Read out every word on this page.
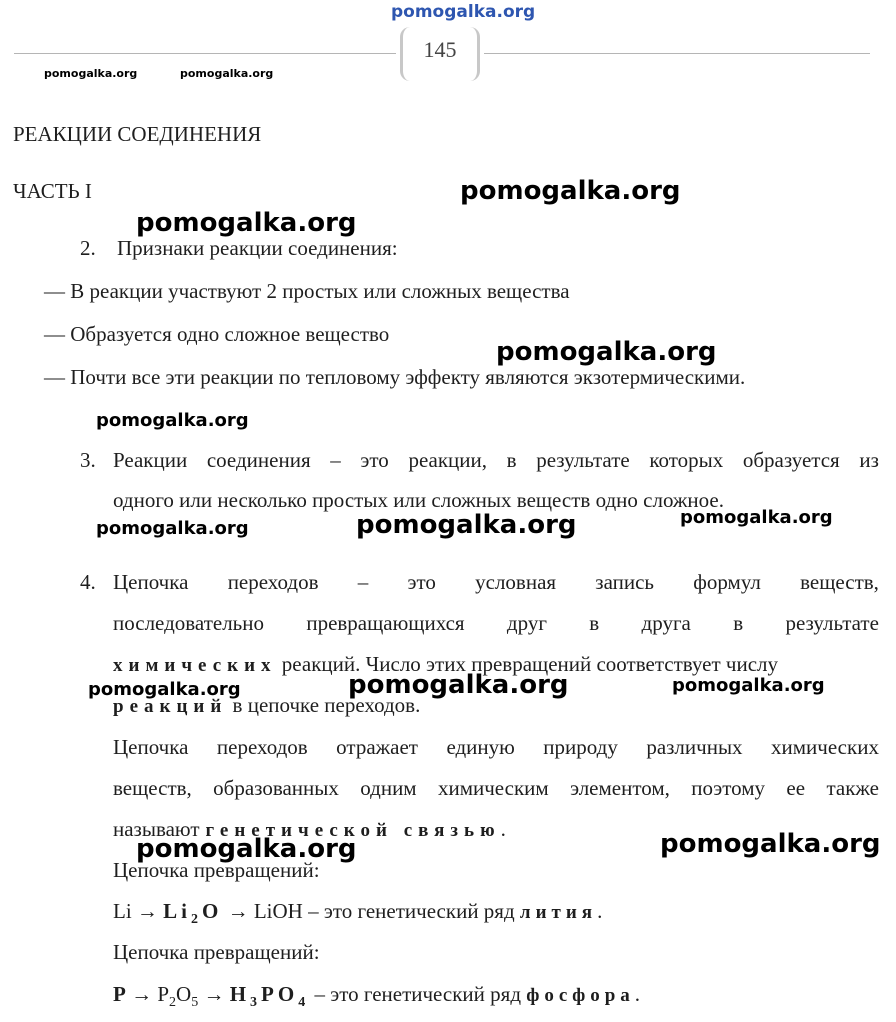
pomogalka.org
145
pomogalka.org	pomogalka.org
РЕАКЦИИ СОЕДИНЕНИЯ
ЧАСТЬ I
2. Признаки реакции соединения:
— В реакции участвуют 2 простых или сложных вещества
— Образуется одно сложное вещество
— Почти все эти реакции по тепловому эффекту являются экзотермическими.
3. Реакции соединения – это реакции, в результате которых образуется из
одного или несколько простых или сложных веществ одно сложное.
4. Цепочка переходов – это условная запись формул веществ,
последовательно превращающихся друг в друга в результате
химических реакций. Число этих превращений соответствует числу
реакций в цепочке переходов.
Цепочка переходов отражает единую природу различных химических
веществ, образованных одним химическим элементом, поэтому ее также
называют генетической связью.
Цепочка превращений:
$Li \to Li_2O$ → LiOH – это генетический ряд лития.
Цепочка превращений:
$P \to P_2O_5 \to H_3PO_4$ – это генетический ряд фосфора.
pomogalka.org
pomogalka.org
pomogalka.org
pomogalka.org
pomogalka.org	pomogalka.org	pomogalka.org
pomogalka.org	pomogalka.org	pomogalka.org
pomogalka.org	pomogalka.org
